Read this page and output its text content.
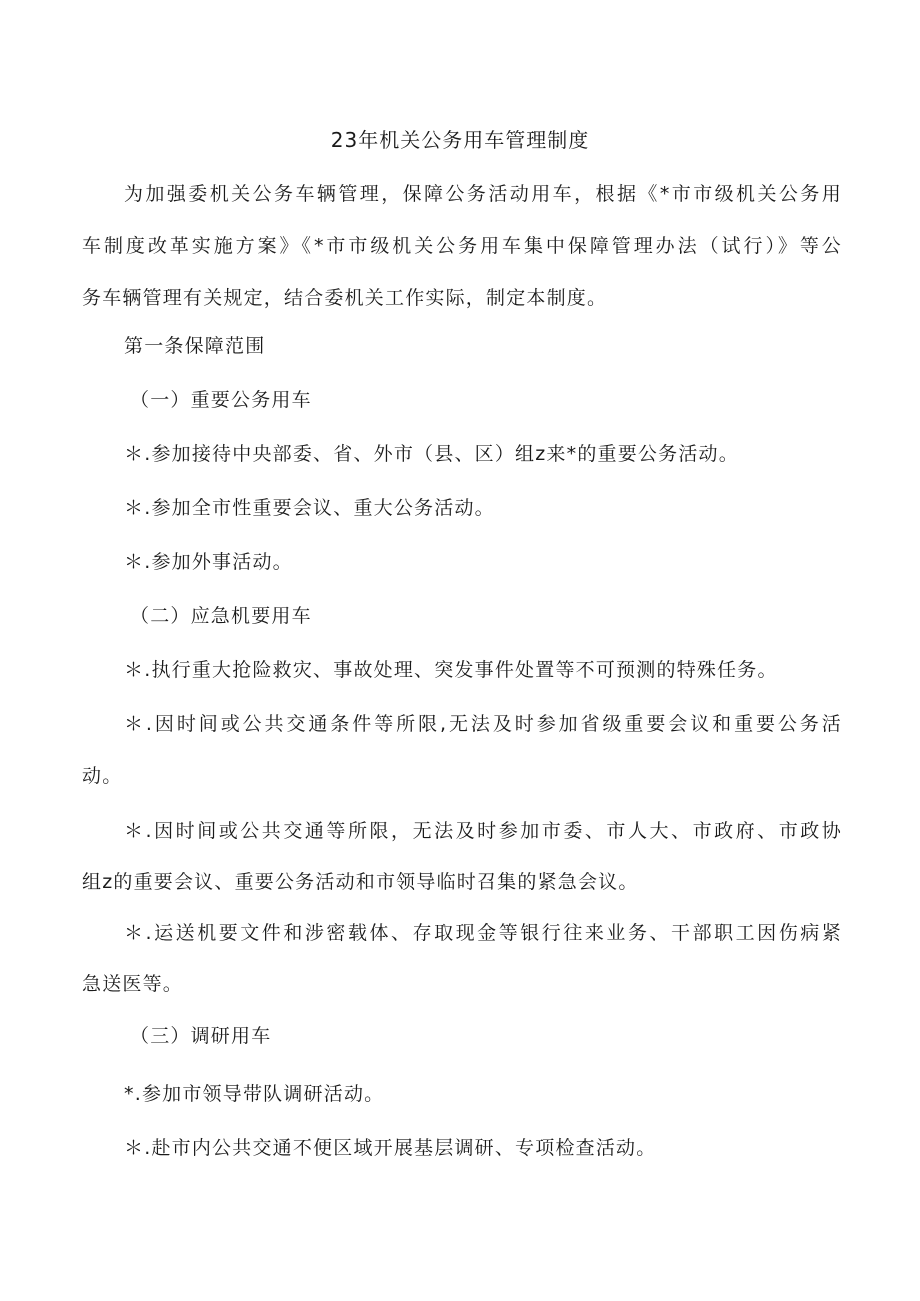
23年机关公务用车管理制度
为加强委机关公务车辆管理，保障公务活动用车，根据《*市市级机关公务用
车制度改革实施方案》《*市市级机关公务用车集中保障管理办法（试行）》等公
务车辆管理有关规定，结合委机关工作实际，制定本制度。
第一条保障范围
（一）重要公务用车
＊.参加接待中央部委、省、外市（县、区）组z来*的重要公务活动。
＊.参加全市性重要会议、重大公务活动。
＊.参加外事活动。
（二）应急机要用车
＊.执行重大抢险救灾、事故处理、突发事件处置等不可预测的特殊任务。
＊.因时间或公共交通条件等所限,无法及时参加省级重要会议和重要公务活
动。
＊.因时间或公共交通等所限，无法及时参加市委、市人大、市政府、市政协
组z的重要会议、重要公务活动和市领导临时召集的紧急会议。
＊.运送机要文件和涉密载体、存取现金等银行往来业务、干部职工因伤病紧
急送医等。
（三）调研用车
*.参加市领导带队调研活动。
＊.赴市内公共交通不便区域开展基层调研、专项检查活动。
